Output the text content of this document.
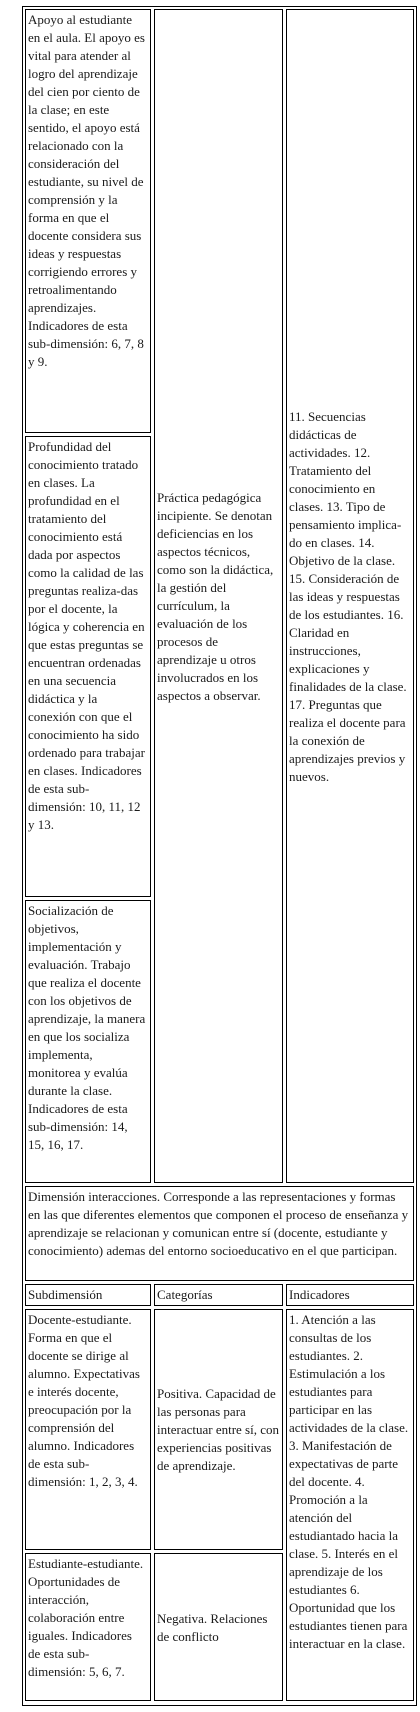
Apoyo al estudiante en el aula. El apoyo es vital para atender al logro del aprendizaje del cien por ciento de la clase; en este sentido, el apoyo está relacionado con la consideración del estudiante, su nivel de comprensión y la forma en que el docente considera sus ideas y respuestas corrigiendo errores y retroalimentando aprendizajes. Indicadores de esta sub-dimensión: 6, 7, 8 y 9.
Profundidad del conocimiento tratado en clases. La profundidad en el tratamiento del conocimiento está dada por aspectos como la calidad de las preguntas realiza-das por el docente, la lógica y coherencia en que estas preguntas se encuentran ordenadas en una secuencia didáctica y la conexión con que el conocimiento ha sido ordenado para trabajar en clases. Indicadores de esta sub-dimensión: 10, 11, 12 y 13.
Socialización de objetivos, implementación y evaluación. Trabajo que realiza el docente con los objetivos de aprendizaje, la manera en que los socializa implementa, monitorea y evalúa durante la clase. Indicadores de esta sub-dimensión: 14, 15, 16, 17.
Práctica pedagógica incipiente. Se denotan deficiencias en los aspectos técnicos, como son la didáctica, la gestión del currículum, la evaluación de los procesos de aprendizaje u otros involucrados en los aspectos a observar.
11. Secuencias didácticas de actividades. 12. Tratamiento del conocimiento en clases. 13. Tipo de pensamiento implica-do en clases. 14. Objetivo de la clase. 15. Consideración de las ideas y respuestas de los estudiantes. 16. Claridad en instrucciones, explicaciones y finalidades de la clase. 17. Preguntas que realiza el docente para la conexión de aprendizajes previos y nuevos.
Dimensión interacciones. Corresponde a las representaciones y formas en las que diferentes elementos que componen el proceso de enseñanza y aprendizaje se relacionan y comunican entre sí (docente, estudiante y conocimiento) ademas del entorno socioeducativo en el que participan.
Subdimensión	Categorías	Indicadores
Docente-estudiante. Forma en que el docente se dirige al alumno. Expectativas e interés docente, preocupación por la comprensión del alumno. Indicadores de esta sub-dimensión: 1, 2, 3, 4.
Estudiante-estudiante. Oportunidades de interacción, colaboración entre iguales. Indicadores de esta sub-dimensión: 5, 6, 7.
Positiva. Capacidad de las personas para interactuar entre sí, con experiencias positivas de aprendizaje.
Negativa. Relaciones de conflicto
1. Atención a las consultas de los estudiantes. 2. Estimulación a los estudiantes para participar en las actividades de la clase. 3. Manifestación de expectativas de parte del docente. 4. Promoción a la atención del estudiantado hacia la clase. 5. Interés en el aprendizaje de los estudiantes 6. Oportunidad que los estudiantes tienen para interactuar en la clase.
